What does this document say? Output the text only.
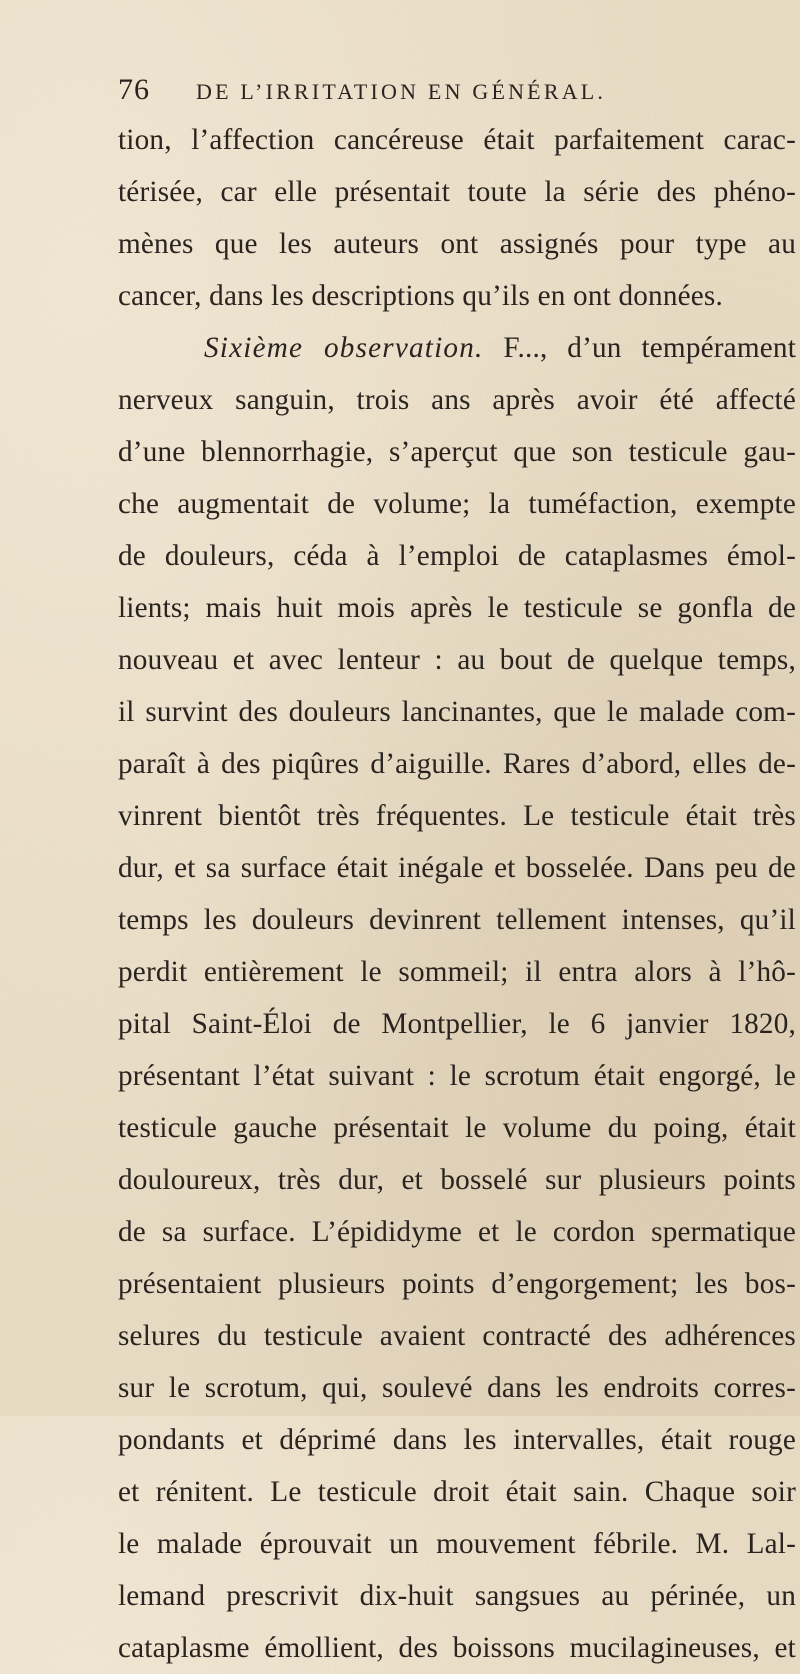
76 DE L’IRRITATION EN GÉNÉRAL.
tion, l’affection cancéreuse était parfaitement carac-
térisée, car elle présentait toute la série des phéno-
mènes que les auteurs ont assignés pour type au
cancer, dans les descriptions qu’ils en ont données.
Sixième observation. F..., d’un tempérament
nerveux sanguin, trois ans après avoir été affecté
d’une blennorrhagie, s’aperçut que son testicule gau-
che augmentait de volume; la tuméfaction, exempte
de douleurs, céda à l’emploi de cataplasmes émol-
lients; mais huit mois après le testicule se gonfla de
nouveau et avec lenteur : au bout de quelque temps,
il survint des douleurs lancinantes, que le malade com-
paraît à des piqûres d’aiguille. Rares d’abord, elles de-
vinrent bientôt très fréquentes. Le testicule était très
dur, et sa surface était inégale et bosselée. Dans peu de
temps les douleurs devinrent tellement intenses, qu’il
perdit entièrement le sommeil; il entra alors à l’hô-
pital Saint-Éloi de Montpellier, le 6 janvier 1820,
présentant l’état suivant : le scrotum était engorgé, le
testicule gauche présentait le volume du poing, était
douloureux, très dur, et bosselé sur plusieurs points
de sa surface. L’épididyme et le cordon spermatique
présentaient plusieurs points d’engorgement; les bos-
selures du testicule avaient contracté des adhérences
sur le scrotum, qui, soulevé dans les endroits corres-
pondants et déprimé dans les intervalles, était rouge
et rénitent. Le testicule droit était sain. Chaque soir
le malade éprouvait un mouvement fébrile. M. Lal-
lemand prescrivit dix-huit sangsues au périnée, un
cataplasme émollient, des boissons mucilagineuses, et
